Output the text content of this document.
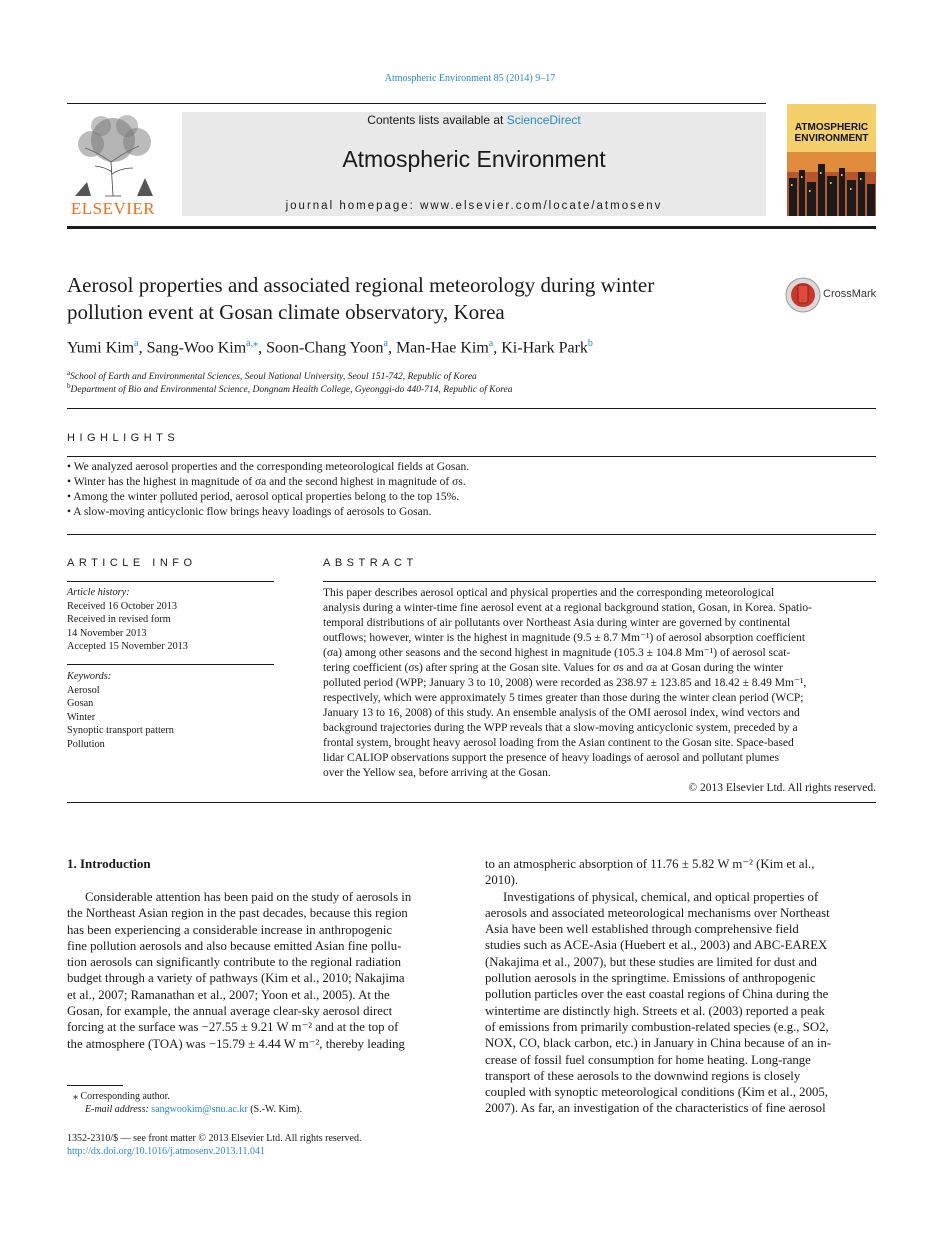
Atmospheric Environment 85 (2014) 9–17
ELSEVIER
Contents lists available at ScienceDirect
Atmospheric Environment
journal homepage: www.elsevier.com/locate/atmosenv
ATMOSPHERIC
ENVIRONMENT
Aerosol properties and associated regional meteorology during winter
pollution event at Gosan climate observatory, Korea
CrossMark
Yumi Kim$^a$, Sang-Woo Kim$^{a,⁎}$, Soon-Chang Yoon$^a$, Man-Hae Kim$^a$, Ki-Hark Park$^b$
$^a$School of Earth and Environmental Sciences, Seoul National University, Seoul 151-742, Republic of Korea
$^b$Department of Bio and Environmental Science, Dongnam Health College, Gyeonggi-do 440-714, Republic of Korea
HIGHLIGHTS
• We analyzed aerosol properties and the corresponding meteorological fields at Gosan.
• Winter has the highest in magnitude of σa and the second highest in magnitude of σs.
• Among the winter polluted period, aerosol optical properties belong to the top 15%.
• A slow-moving anticyclonic flow brings heavy loadings of aerosols to Gosan.
ARTICLE INFO
Article history:
Received 16 October 2013
Received in revised form
14 November 2013
Accepted 15 November 2013
Keywords:
Aerosol
Gosan
Winter
Synoptic transport pattern
Pollution
ABSTRACT
This paper describes aerosol optical and physical properties and the corresponding meteorological
analysis during a winter-time fine aerosol event at a regional background station, Gosan, in Korea. Spatio-
temporal distributions of air pollutants over Northeast Asia during winter are governed by continental
outflows; however, winter is the highest in magnitude (9.5 ± 8.7 Mm⁻¹) of aerosol absorption coefficient
(σa) among other seasons and the second highest in magnitude (105.3 ± 104.8 Mm⁻¹) of aerosol scat-
tering coefficient (σs) after spring at the Gosan site. Values for σs and σa at Gosan during the winter
polluted period (WPP; January 3 to 10, 2008) were recorded as 238.97 ± 123.85 and 18.42 ± 8.49 Mm⁻¹,
respectively, which were approximately 5 times greater than those during the winter clean period (WCP;
January 13 to 16, 2008) of this study. An ensemble analysis of the OMI aerosol index, wind vectors and
background trajectories during the WPP reveals that a slow-moving anticyclonic system, preceded by a
frontal system, brought heavy aerosol loading from the Asian continent to the Gosan site. Space-based
lidar CALIOP observations support the presence of heavy loadings of aerosol and pollutant plumes
over the Yellow sea, before arriving at the Gosan.
© 2013 Elsevier Ltd. All rights reserved.
1. Introduction

Considerable attention has been paid on the study of aerosols in

the Northeast Asian region in the past decades, because this region

has been experiencing a considerable increase in anthropogenic

fine pollution aerosols and also because emitted Asian fine pollu-

tion aerosols can significantly contribute to the regional radiation

budget through a variety of pathways (Kim et al., 2010; Nakajima

et al., 2007; Ramanathan et al., 2007; Yoon et al., 2005). At the

Gosan, for example, the annual average clear-sky aerosol direct

forcing at the surface was −27.55 ± 9.21 W m⁻² and at the top of

the atmosphere (TOA) was −15.79 ± 4.44 W m⁻², thereby leading

to an atmospheric absorption of 11.76 ± 5.82 W m⁻² (Kim et al.,

2010).

Investigations of physical, chemical, and optical properties of

aerosols and associated meteorological mechanisms over Northeast

Asia have been well established through comprehensive field

studies such as ACE-Asia (Huebert et al., 2003) and ABC-EAREX

(Nakajima et al., 2007), but these studies are limited for dust and

pollution aerosols in the springtime. Emissions of anthropogenic

pollution particles over the east coastal regions of China during the

wintertime are distinctly high. Streets et al. (2003) reported a peak

of emissions from primarily combustion-related species (e.g., SO2,

NOX, CO, black carbon, etc.) in January in China because of an in-

crease of fossil fuel consumption for home heating. Long-range

transport of these aerosols to the downwind regions is closely

coupled with synoptic meteorological conditions (Kim et al., 2005,

2007). As far, an investigation of the characteristics of fine aerosol

⁎ Corresponding author.
E-mail address: sangwookim@snu.ac.kr (S.-W. Kim).
1352-2310/$ — see front matter © 2013 Elsevier Ltd. All rights reserved.
http://dx.doi.org/10.1016/j.atmosenv.2013.11.041
